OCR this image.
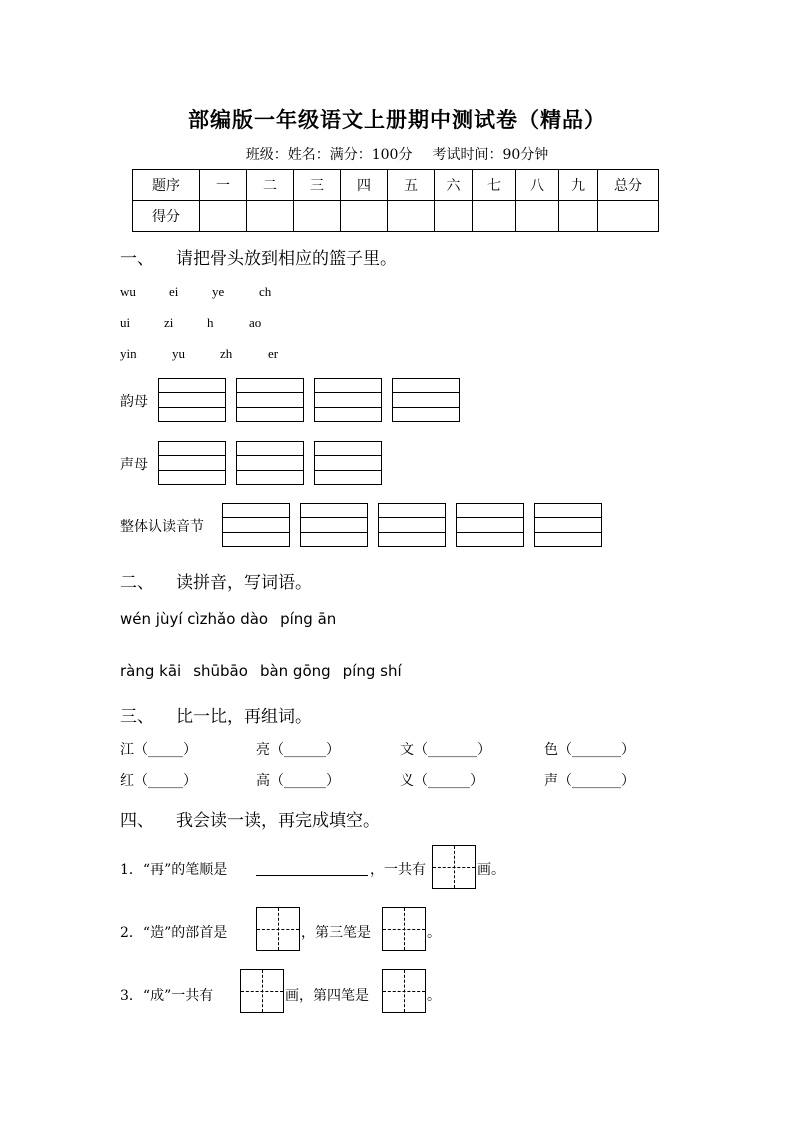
部编版一年级语文上册期中测试卷（精品）
班级：姓名：满分：100分 考试时间：90分钟
题序	一	二	三	四	五	六	七	八	九	总分
得分										
一、 请把骨头放到相应的篮子里。
wu	ei	ye	ch
ui	zi	h	ao
yin	yu	zh	er
韵母
声母
整体认读音节
二、 读拼音，写词语。
wén jùyí cìzhǎo dào píng ān
ràng kāi shūbāo bàn gōng píng shí
三、 比一比，再组词。
江（_____）	亮（______）	文（_______）	色（_______）
红（_____）	高（______）	义（______）	声（_______）
四、 我会读一读，再完成填空。
1．“再”的笔顺是	，一共有	画。
2．“造”的部首是	，第三笔是	。
3．“成”一共有	画，第四笔是	。
